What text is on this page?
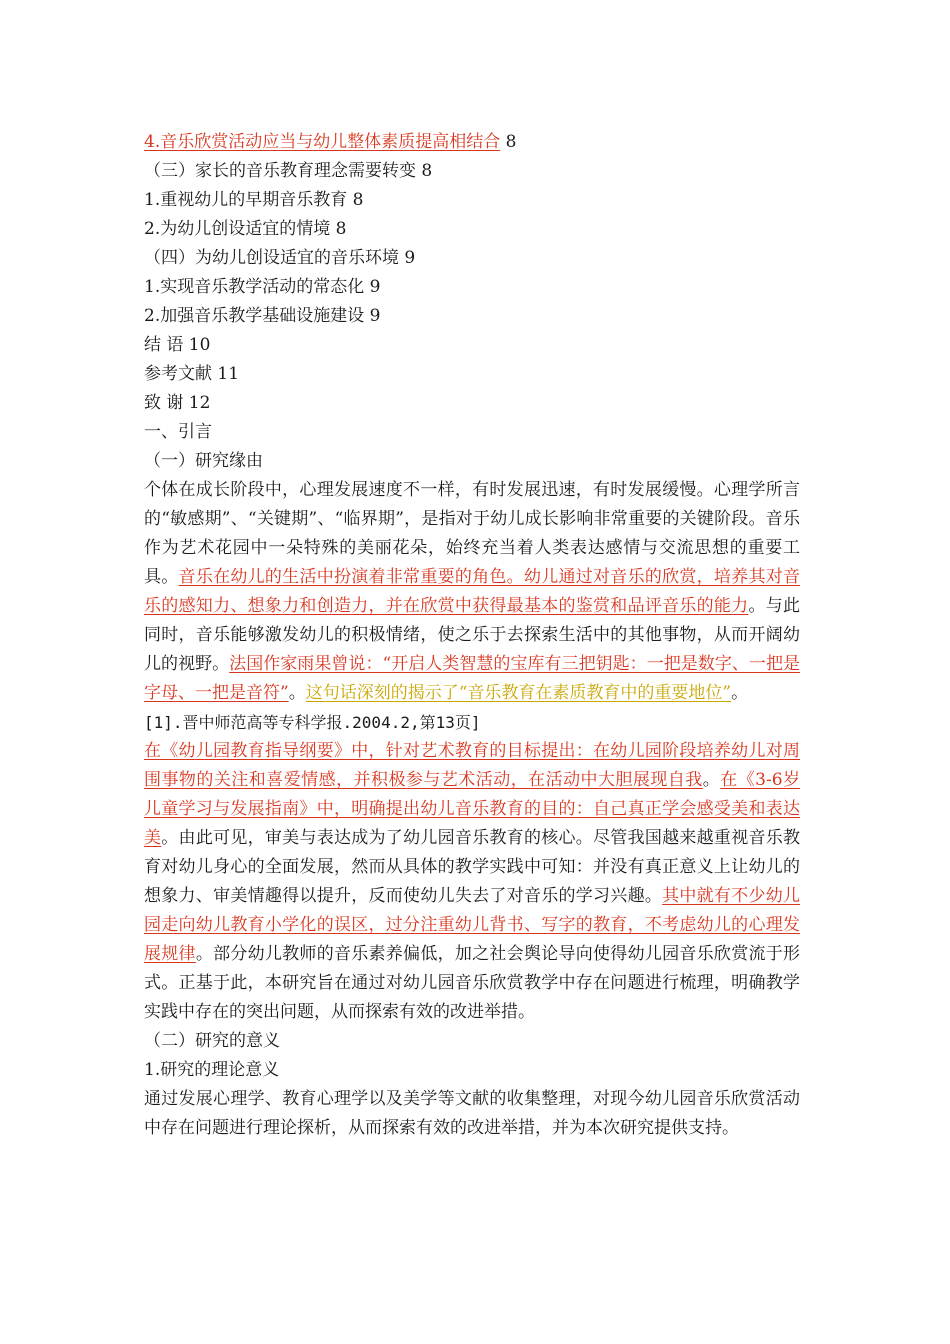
4.音乐欣赏活动应当与幼儿整体素质提高相结合 8
（三）家长的音乐教育理念需要转变 8
1.重视幼儿的早期音乐教育 8
2.为幼儿创设适宜的情境 8
（四）为幼儿创设适宜的音乐环境 9
1.实现音乐教学活动的常态化 9
2.加强音乐教学基础设施建设 9
结 语 10
参考文献 11
致 谢 12
一、引言
（一）研究缘由
个体在成长阶段中，心理发展速度不一样，有时发展迅速，有时发展缓慢。心理学所言的“敏感期”、“关键期”、“临界期”，是指对于幼儿成长影响非常重要的关键阶段。音乐作为艺术花园中一朵特殊的美丽花朵，始终充当着人类表达感情与交流思想的重要工具。音乐在幼儿的生活中扮演着非常重要的角色。幼儿通过对音乐的欣赏，培养其对音乐的感知力、想象力和创造力，并在欣赏中获得最基本的鉴赏和品评音乐的能力。与此同时，音乐能够激发幼儿的积极情绪，使之乐于去探索生活中的其他事物，从而开阔幼儿的视野。法国作家雨果曾说：“开启人类智慧的宝库有三把钥匙：一把是数字、一把是字母、一把是音符”。这句话深刻的揭示了“音乐教育在素质教育中的重要地位”。
[1].晋中师范高等专科学报.2004.2,第13页]
在《幼儿园教育指导纲要》中，针对艺术教育的目标提出：在幼儿园阶段培养幼儿对周围事物的关注和喜爱情感，并积极参与艺术活动，在活动中大胆展现自我。在《3-6岁儿童学习与发展指南》中，明确提出幼儿音乐教育的目的：自己真正学会感受美和表达美。由此可见，审美与表达成为了幼儿园音乐教育的核心。尽管我国越来越重视音乐教育对幼儿身心的全面发展，然而从具体的教学实践中可知：并没有真正意义上让幼儿的想象力、审美情趣得以提升，反而使幼儿失去了对音乐的学习兴趣。其中就有不少幼儿园走向幼儿教育小学化的误区，过分注重幼儿背书、写字的教育，不考虑幼儿的心理发展规律。部分幼儿教师的音乐素养偏低，加之社会舆论导向使得幼儿园音乐欣赏流于形式。正基于此，本研究旨在通过对幼儿园音乐欣赏教学中存在问题进行梳理，明确教学实践中存在的突出问题，从而探索有效的改进举措。
（二）研究的意义
1.研究的理论意义
通过发展心理学、教育心理学以及美学等文献的收集整理，对现今幼儿园音乐欣赏活动中存在问题进行理论探析，从而探索有效的改进举措，并为本次研究提供支持。
